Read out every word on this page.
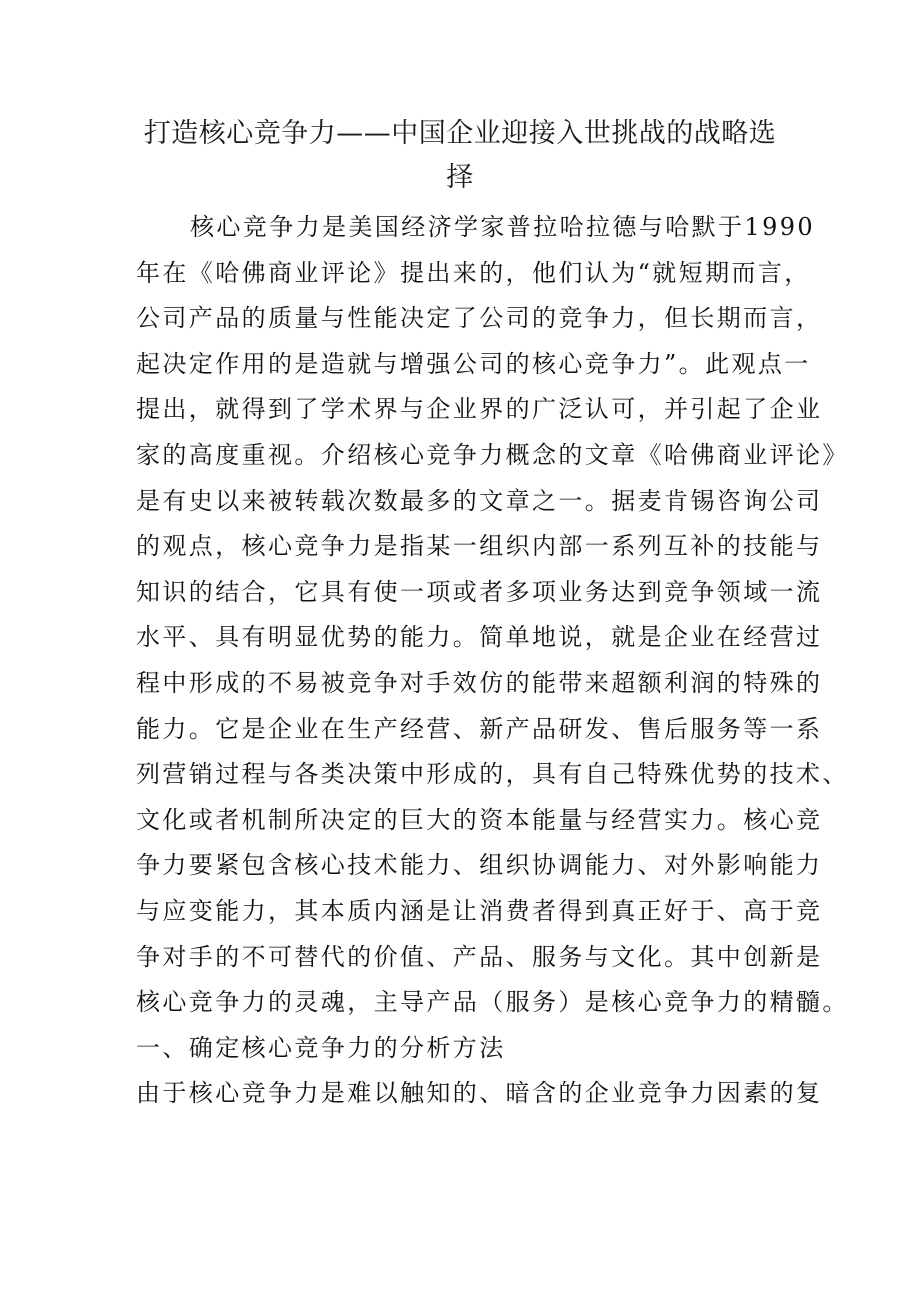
打造核心竞争力——中国企业迎接入世挑战的战略选
择
核心竞争力是美国经济学家普拉哈拉德与哈默于1990
年在《哈佛商业评论》提出来的，他们认为“就短期而言，
公司产品的质量与性能决定了公司的竞争力，但长期而言，
起决定作用的是造就与增强公司的核心竞争力”。此观点一
提出，就得到了学术界与企业界的广泛认可，并引起了企业
家的高度重视。介绍核心竞争力概念的文章《哈佛商业评论》
是有史以来被转载次数最多的文章之一。据麦肯锡咨询公司
的观点，核心竞争力是指某一组织内部一系列互补的技能与
知识的结合，它具有使一项或者多项业务达到竞争领域一流
水平、具有明显优势的能力。简单地说，就是企业在经营过
程中形成的不易被竞争对手效仿的能带来超额利润的特殊的
能力。它是企业在生产经营、新产品研发、售后服务等一系
列营销过程与各类决策中形成的，具有自己特殊优势的技术、
文化或者机制所决定的巨大的资本能量与经营实力。核心竞
争力要紧包含核心技术能力、组织协调能力、对外影响能力
与应变能力，其本质内涵是让消费者得到真正好于、高于竞
争对手的不可替代的价值、产品、服务与文化。其中创新是
核心竞争力的灵魂，主导产品（服务）是核心竞争力的精髓。
一、确定核心竞争力的分析方法
由于核心竞争力是难以触知的、暗含的企业竞争力因素的复
